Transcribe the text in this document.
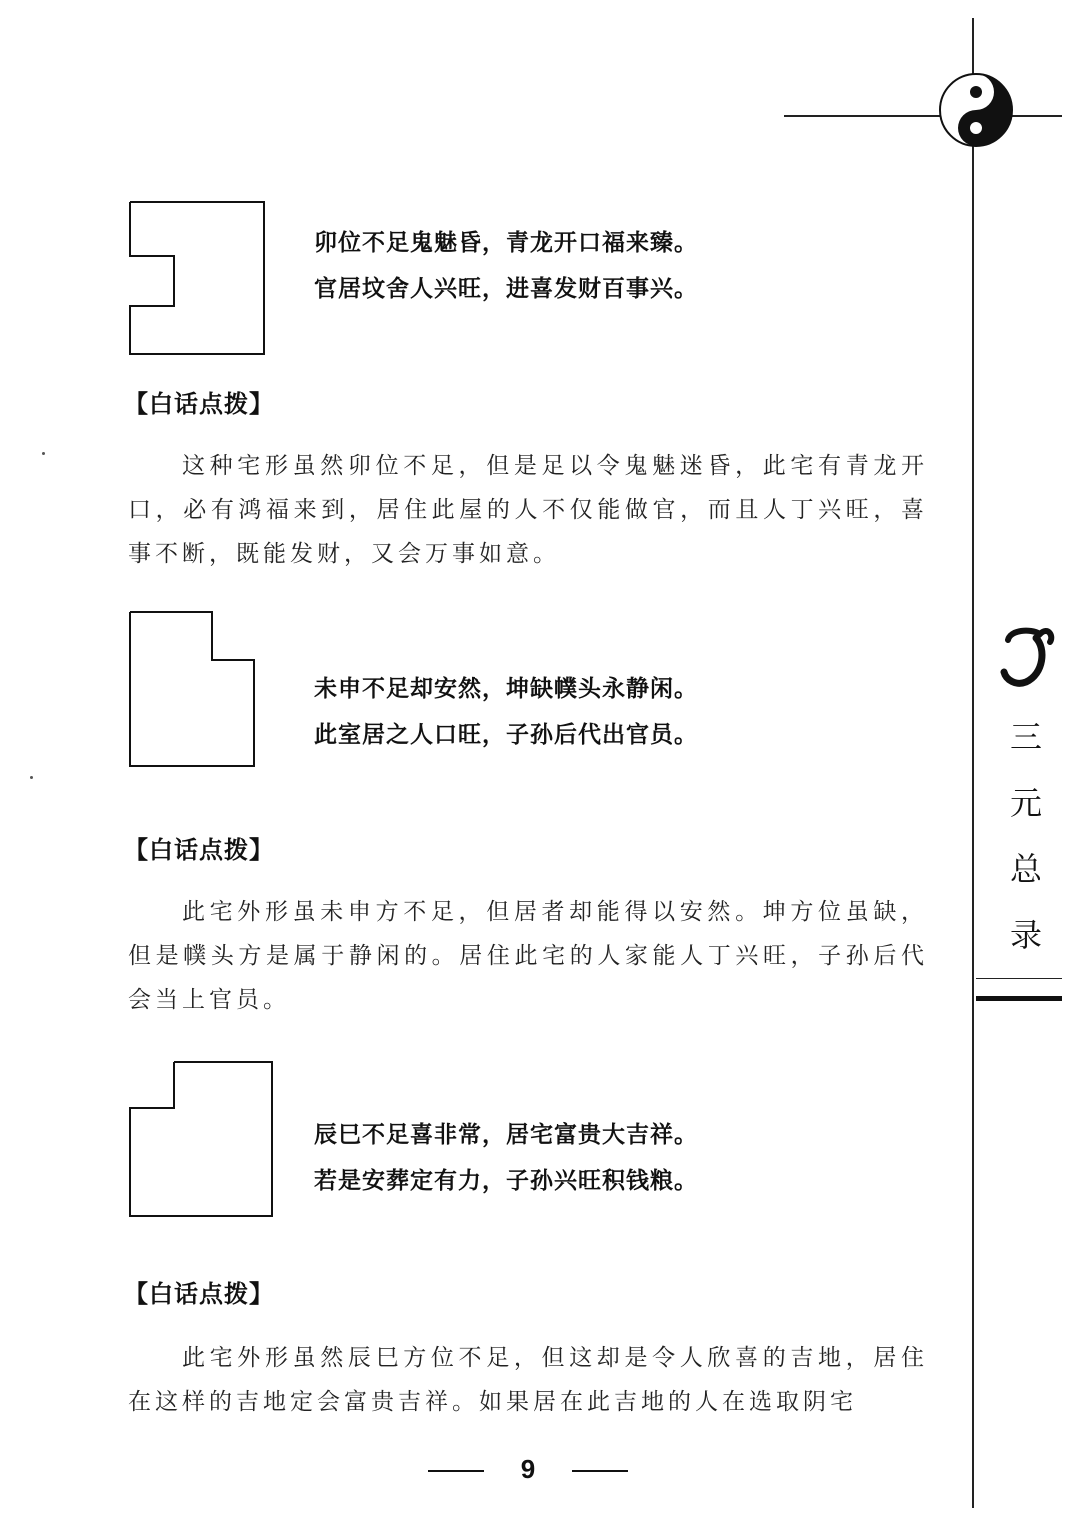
三
元
总
录
卯位不足鬼魅昏，青龙开口福来臻。
官居坟舍人兴旺，进喜发财百事兴。
【白话点拨】
这种宅形虽然卯位不足，但是足以令鬼魅迷昏，此宅有青龙开口，必有鸿福来到，居住此屋的人不仅能做官，而且人丁兴旺，喜事不断，既能发财，又会万事如意。
未申不足却安然，坤缺幞头永静闲。
此室居之人口旺，子孙后代出官员。
【白话点拨】
此宅外形虽未申方不足，但居者却能得以安然。坤方位虽缺，但是幞头方是属于静闲的。居住此宅的人家能人丁兴旺，子孙后代会当上官员。
辰巳不足喜非常，居宅富贵大吉祥。
若是安葬定有力，子孙兴旺积钱粮。
【白话点拨】
此宅外形虽然辰巳方位不足，但这却是令人欣喜的吉地，居住在这样的吉地定会富贵吉祥。如果居在此吉地的人在选取阴宅
9
